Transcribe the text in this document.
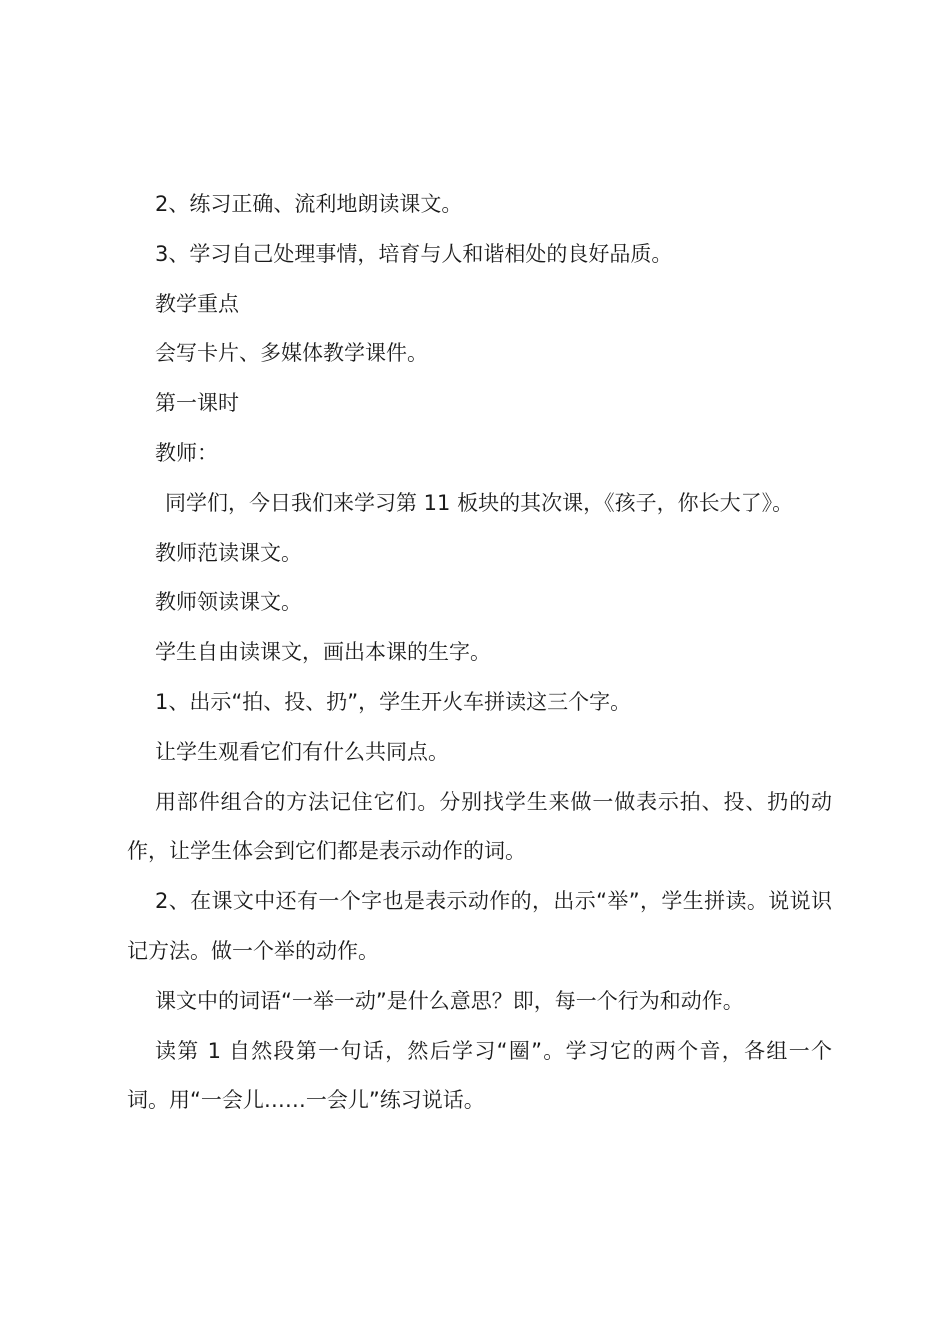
2、练习正确、流利地朗读课文。

3、学习自己处理事情，培育与人和谐相处的良好品质。

教学重点

会写卡片、多媒体教学课件。

第一课时

教师：

同学们，今日我们来学习第 11 板块的其次课，《孩子，你长大了》。

教师范读课文。

教师领读课文。

学生自由读课文，画出本课的生字。

1、出示“拍、投、扔”，学生开火车拼读这三个字。

让学生观看它们有什么共同点。

用部件组合的方法记住它们。分别找学生来做一做表示拍、投、扔的动作，让学生体会到它们都是表示动作的词。

2、在课文中还有一个字也是表示动作的，出示“举”，学生拼读。说说识记方法。做一个举的动作。

课文中的词语“一举一动”是什么意思？即，每一个行为和动作。

读第 1 自然段第一句话，然后学习“圈”。学习它的两个音，各组一个词。用“一会儿……一会儿”练习说话。
